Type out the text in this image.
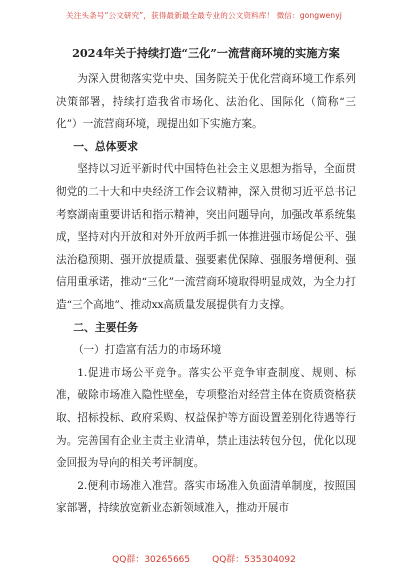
关注头条号“公文研究”，获得最新最全最专业的公文资料库！ 微信：gongwenyj
2024年关于持续打造“三化”一流营商环境的实施方案

为深入贯彻落实党中央、国务院关于优化营商环境工作系列决策部署，持续打造我省市场化、法治化、国际化（简称“三化”）一流营商环境，现提出如下实施方案。

一、总体要求

坚持以习近平新时代中国特色社会主义思想为指导，全面贯彻党的二十大和中央经济工作会议精神，深入贯彻习近平总书记考察湖南重要讲话和指示精神，突出问题导向，加强改革系统集成，坚持对内开放和对外开放两手抓一体推进强市场促公平、强法治稳预期、强开放提质量、强要素优保障、强服务增便利、强信用重承诺，推动“三化”一流营商环境取得明显成效，为全力打造“三个高地”、推动xx高质量发展提供有力支撑。

二、主要任务

（一）打造富有活力的市场环境

1.促进市场公平竞争。落实公平竞争审查制度、规则、标准，破除市场准入隐性壁垒，专项整治对经营主体在资质资格获取、招标投标、政府采购、权益保护等方面设置差别化待遇等行为。完善国有企业主责主业清单，禁止违法转包分包，优化以现金回报为导向的相关考评制度。

2.便利市场准入准营。落实市场准入负面清单制度，按照国家部署，持续放宽新业态新领域准入，推动开展市

QQ群：30265665 QQ群：535304092
